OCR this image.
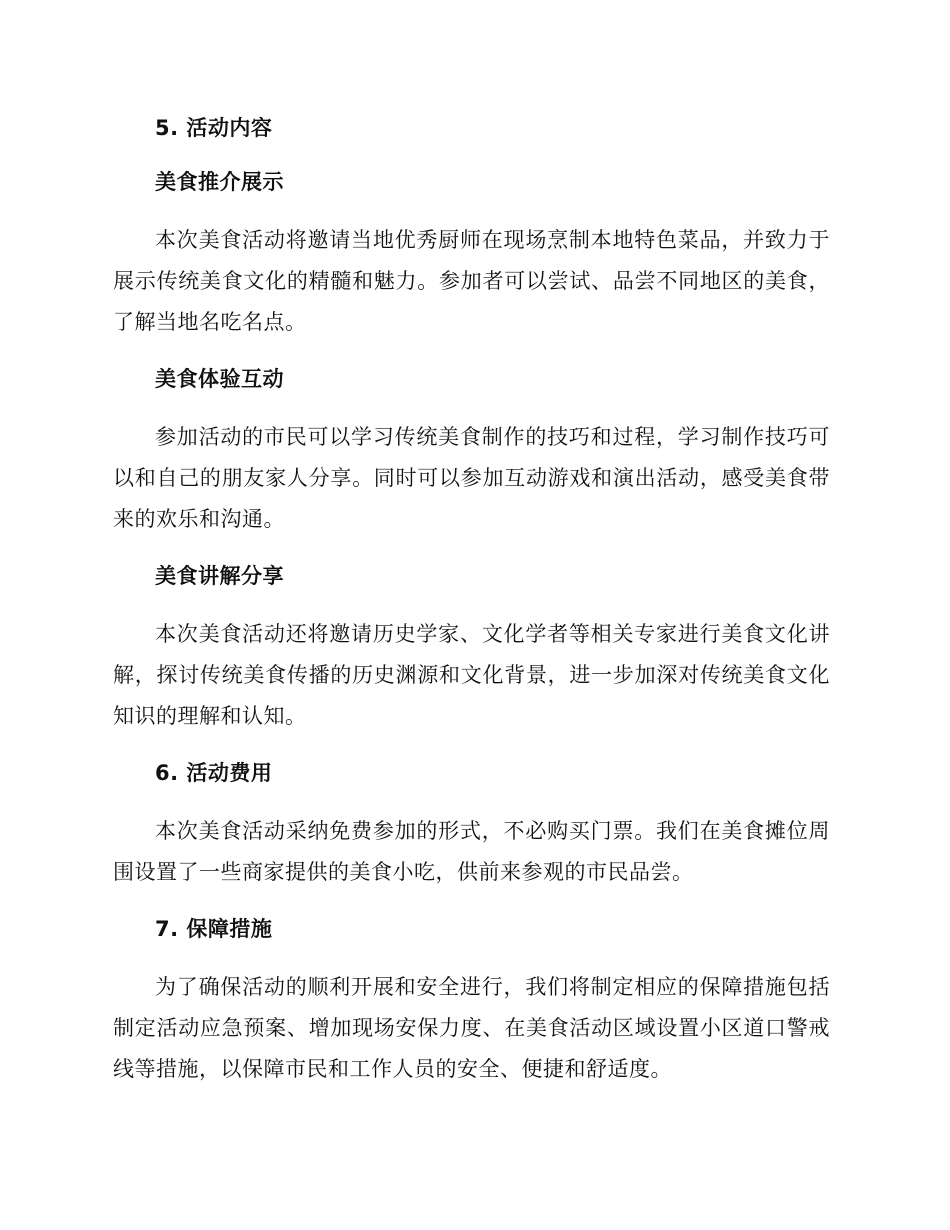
5. 活动内容
美食推介展示

本次美食活动将邀请当地优秀厨师在现场烹制本地特色菜品，并致力于展示传统美食文化的精髓和魅力。参加者可以尝试、品尝不同地区的美食，了解当地名吃名点。

美食体验互动

参加活动的市民可以学习传统美食制作的技巧和过程，学习制作技巧可以和自己的朋友家人分享。同时可以参加互动游戏和演出活动，感受美食带来的欢乐和沟通。

美食讲解分享

本次美食活动还将邀请历史学家、文化学者等相关专家进行美食文化讲解，探讨传统美食传播的历史渊源和文化背景，进一步加深对传统美食文化知识的理解和认知。

6. 活动费用

本次美食活动采纳免费参加的形式，不必购买门票。我们在美食摊位周围设置了一些商家提供的美食小吃，供前来参观的市民品尝。

7. 保障措施

为了确保活动的顺利开展和安全进行，我们将制定相应的保障措施包括制定活动应急预案、增加现场安保力度、在美食活动区域设置小区道口警戒线等措施，以保障市民和工作人员的安全、便捷和舒适度。
